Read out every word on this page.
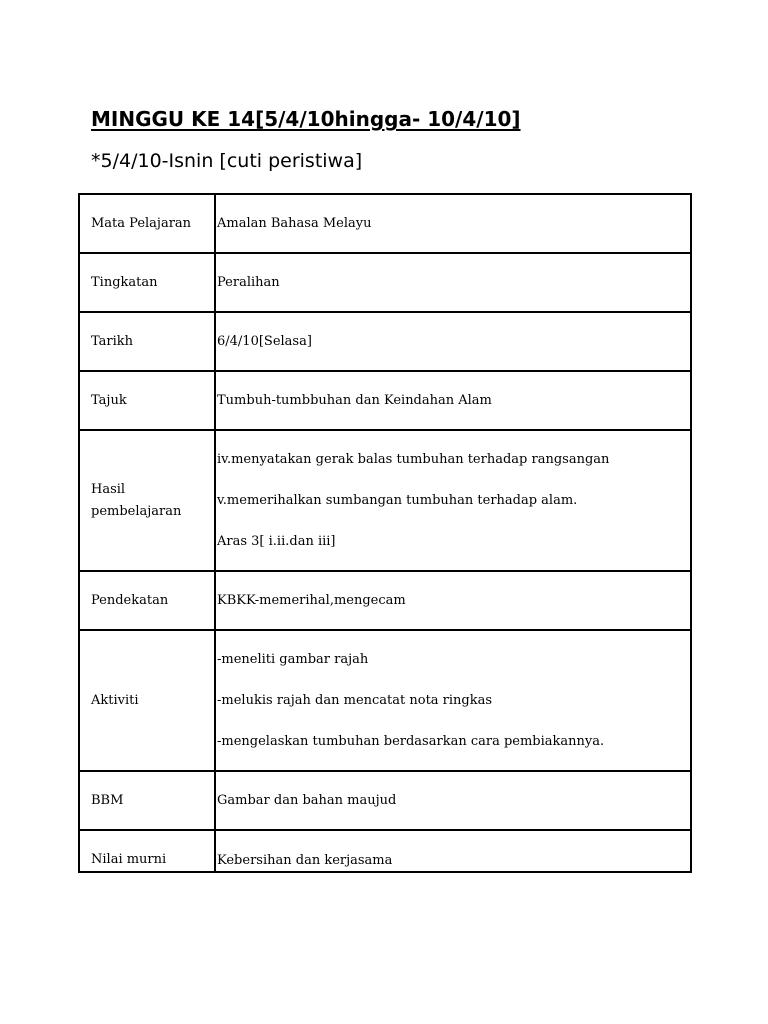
MINGGU KE 14[5/4/10hingga- 10/4/10]
*5/4/10-Isnin [cuti peristiwa]
Mata Pelajaran	Amalan Bahasa Melayu

Tingkatan	Peralihan

Tarikh	6/4/10[Selasa]

Tajuk	Tumbuh-tumbbuhan dan Keindahan Alam

Hasil pembelajaran	iv.menyatakan gerak balas tumbuhan terhadap rangsangan
v.memerihalkan sumbangan tumbuhan terhadap alam.
Aras 3[ i.ii.dan iii]

Pendekatan	KBKK-memerihal,mengecam

Aktiviti	-meneliti gambar rajah
-melukis rajah dan mencatat nota ringkas
-mengelaskan tumbuhan berdasarkan cara pembiakannya.

BBM	Gambar dan bahan maujud

Nilai murni	Kebersihan dan kerjasama
